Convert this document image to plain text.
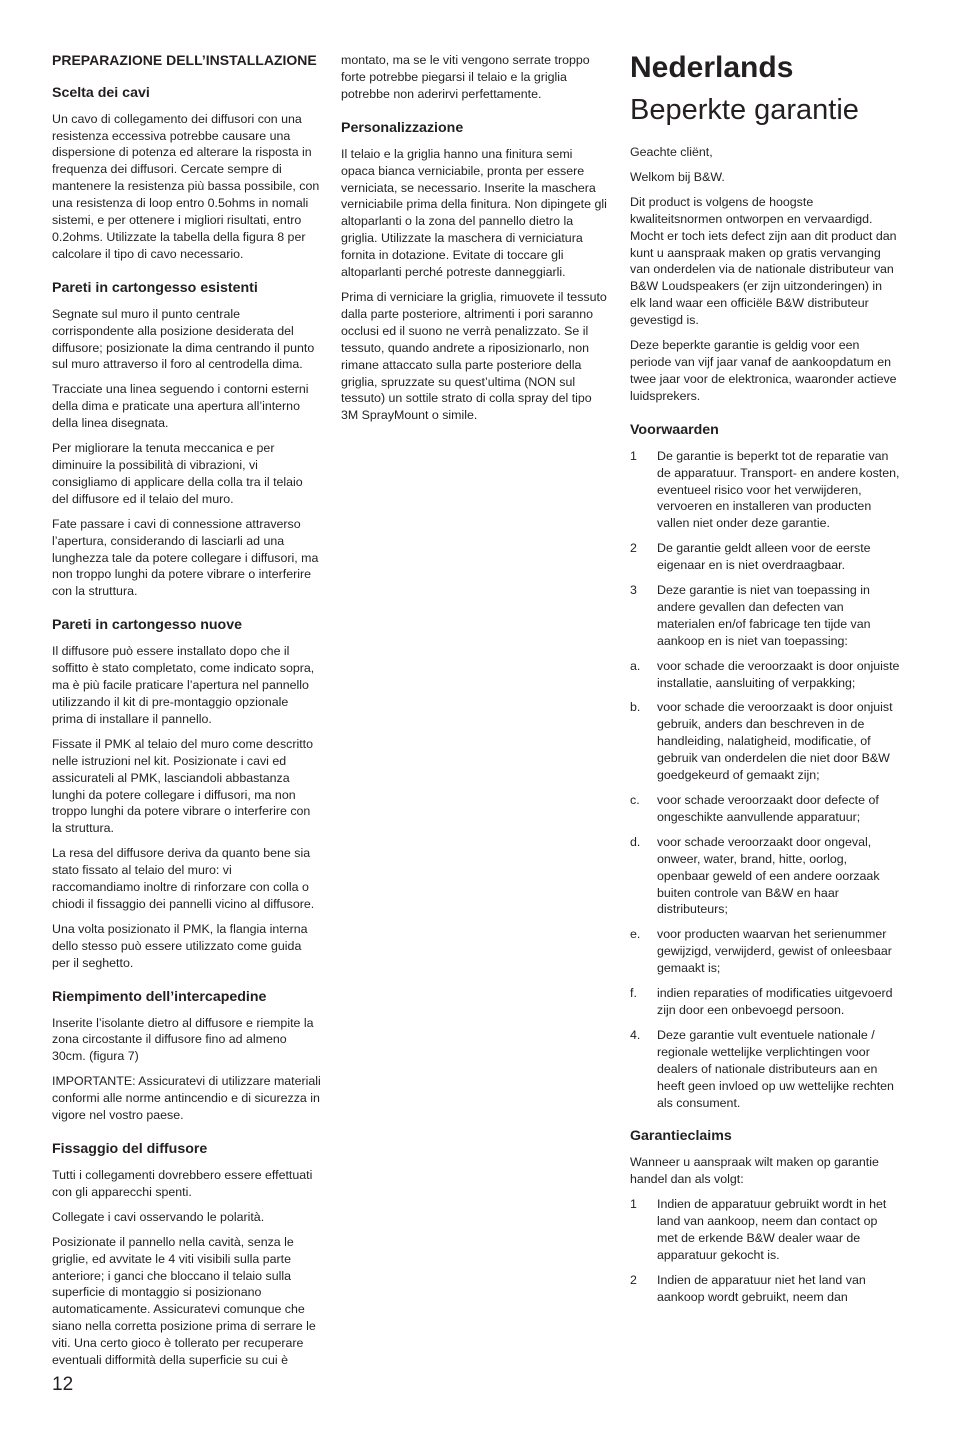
PREPARAZIONE DELL’INSTALLAZIONE
Scelta dei cavi

Un cavo di collegamento dei diffusori con una resistenza eccessiva potrebbe causare una dispersione di potenza ed alterare la risposta in frequenza dei diffusori. Cercate sempre di mantenere la resistenza più bassa possibile, con una resistenza di loop entro 0.5ohms in nomali sistemi, e per ottenere i migliori risultati, entro 0.2ohms. Utilizzate la tabella della figura 8 per calcolare il tipo di cavo necessario.

Pareti in cartongesso esistenti

Segnate sul muro il punto centrale corrispondente alla posizione desiderata del diffusore; posizionate la dima centrando il punto sul muro attraverso il foro al centrodella dima.

Tracciate una linea seguendo i contorni esterni della dima e praticate una apertura all’interno della linea disegnata.

Per migliorare la tenuta meccanica e per diminuire la possibilità di vibrazioni, vi consigliamo di applicare della colla tra il telaio del diffusore ed il telaio del muro.

Fate passare i cavi di connessione attraverso l’apertura, considerando di lasciarli ad una lunghezza tale da potere collegare i diffusori, ma non troppo lunghi da potere vibrare o interferire con la struttura.

Pareti in cartongesso nuove

Il diffusore può essere installato dopo che il soffitto è stato completato, come indicato sopra, ma è più facile praticare l’apertura nel pannello utilizzando il kit di pre-montaggio opzionale prima di installare il pannello.

Fissate il PMK al telaio del muro come descritto nelle istruzioni nel kit. Posizionate i cavi ed assicurateli al PMK, lasciandoli abbastanza lunghi da potere collegare i diffusori, ma non troppo lunghi da potere vibrare o interferire con la struttura.

La resa del diffusore deriva da quanto bene sia stato fissato al telaio del muro: vi raccomandiamo inoltre di rinforzare con colla o chiodi il fissaggio dei pannelli vicino al diffusore.

Una volta posizionato il PMK, la flangia interna dello stesso può essere utilizzato come guida per il seghetto.

Riempimento dell’intercapedine

Inserite l’isolante dietro al diffusore e riempite la zona circostante il diffusore fino ad almeno 30cm. (figura 7)

IMPORTANTE: Assicuratevi di utilizzare materiali conformi alle norme antincendio e di sicurezza in vigore nel vostro paese.

Fissaggio del diffusore

Tutti i collegamenti dovrebbero essere effettuati con gli apparecchi spenti.

Collegate i cavi osservando le polarità.

Posizionate il pannello nella cavità, senza le griglie, ed avvitate le 4 viti visibili sulla parte anteriore; i ganci che bloccano il telaio sulla superficie di montaggio si posizionano automaticamente. Assicuratevi comunque che siano nella corretta posizione prima di serrare le viti. Una certo gioco è tollerato per recuperare eventuali difformità della superficie su cui è

montato, ma se le viti vengono serrate troppo forte potrebbe piegarsi il telaio e la griglia potrebbe non aderirvi perfettamente.

Personalizzazione

Il telaio e la griglia hanno una finitura semi opaca bianca verniciabile, pronta per essere verniciata, se necessario. Inserite la maschera verniciabile prima della finitura. Non dipingete gli altoparlanti o la zona del pannello dietro la griglia. Utilizzate la maschera di verniciatura fornita in dotazione. Evitate di toccare gli altoparlanti perché potreste danneggiarli.

Prima di verniciare la griglia, rimuovete il tessuto dalla parte posteriore, altrimenti i pori saranno occlusi ed il suono ne verrà penalizzato. Se il tessuto, quando andrete a riposizionarlo, non rimane attaccato sulla parte posteriore della griglia, spruzzate su quest’ultima (NON sul tessuto) un sottile strato di colla spray del tipo 3M SprayMount o simile.

Nederlands
Beperkte garantie

Geachte cliënt,

Welkom bij B&W.

Dit product is volgens de hoogste kwaliteitsnormen ontworpen en vervaardigd. Mocht er toch iets defect zijn aan dit product dan kunt u aanspraak maken op gratis vervanging van onderdelen via de nationale distributeur van B&W Loudspeakers (er zijn uitzonderingen) in elk land waar een officiële B&W distributeur gevestigd is.

Deze beperkte garantie is geldig voor een periode van vijf jaar vanaf de aankoopdatum en twee jaar voor de elektronica, waaronder actieve luidsprekers.

Voorwaarden

1 De garantie is beperkt tot de reparatie van de apparatuur. Transport- en andere kosten, eventueel risico voor het verwijderen, vervoeren en installeren van producten vallen niet onder deze garantie.

2 De garantie geldt alleen voor de eerste eigenaar en is niet overdraagbaar.

3 Deze garantie is niet van toepassing in andere gevallen dan defecten van materialen en/of fabricage ten tijde van aankoop en is niet van toepassing:

a. voor schade die veroorzaakt is door onjuiste installatie, aansluiting of verpakking;

b. voor schade die veroorzaakt is door onjuist gebruik, anders dan beschreven in de handleiding, nalatigheid, modificatie, of gebruik van onderdelen die niet door B&W goedgekeurd of gemaakt zijn;

c. voor schade veroorzaakt door defecte of ongeschikte aanvullende apparatuur;

d. voor schade veroorzaakt door ongeval, onweer, water, brand, hitte, oorlog, openbaar geweld of een andere oorzaak buiten controle van B&W en haar distributeurs;

e. voor producten waarvan het serienummer gewijzigd, verwijderd, gewist of onleesbaar gemaakt is;

f. indien reparaties of modificaties uitgevoerd zijn door een onbevoegd persoon.

4. Deze garantie vult eventuele nationale / regionale wettelijke verplichtingen voor dealers of nationale distributeurs aan en heeft geen invloed op uw wettelijke rechten als consument.

Garantieclaims

Wanneer u aanspraak wilt maken op garantie handel dan als volgt:

1 Indien de apparatuur gebruikt wordt in het land van aankoop, neem dan contact op met de erkende B&W dealer waar de apparatuur gekocht is.

2 Indien de apparatuur niet het land van aankoop wordt gebruikt, neem dan

12
